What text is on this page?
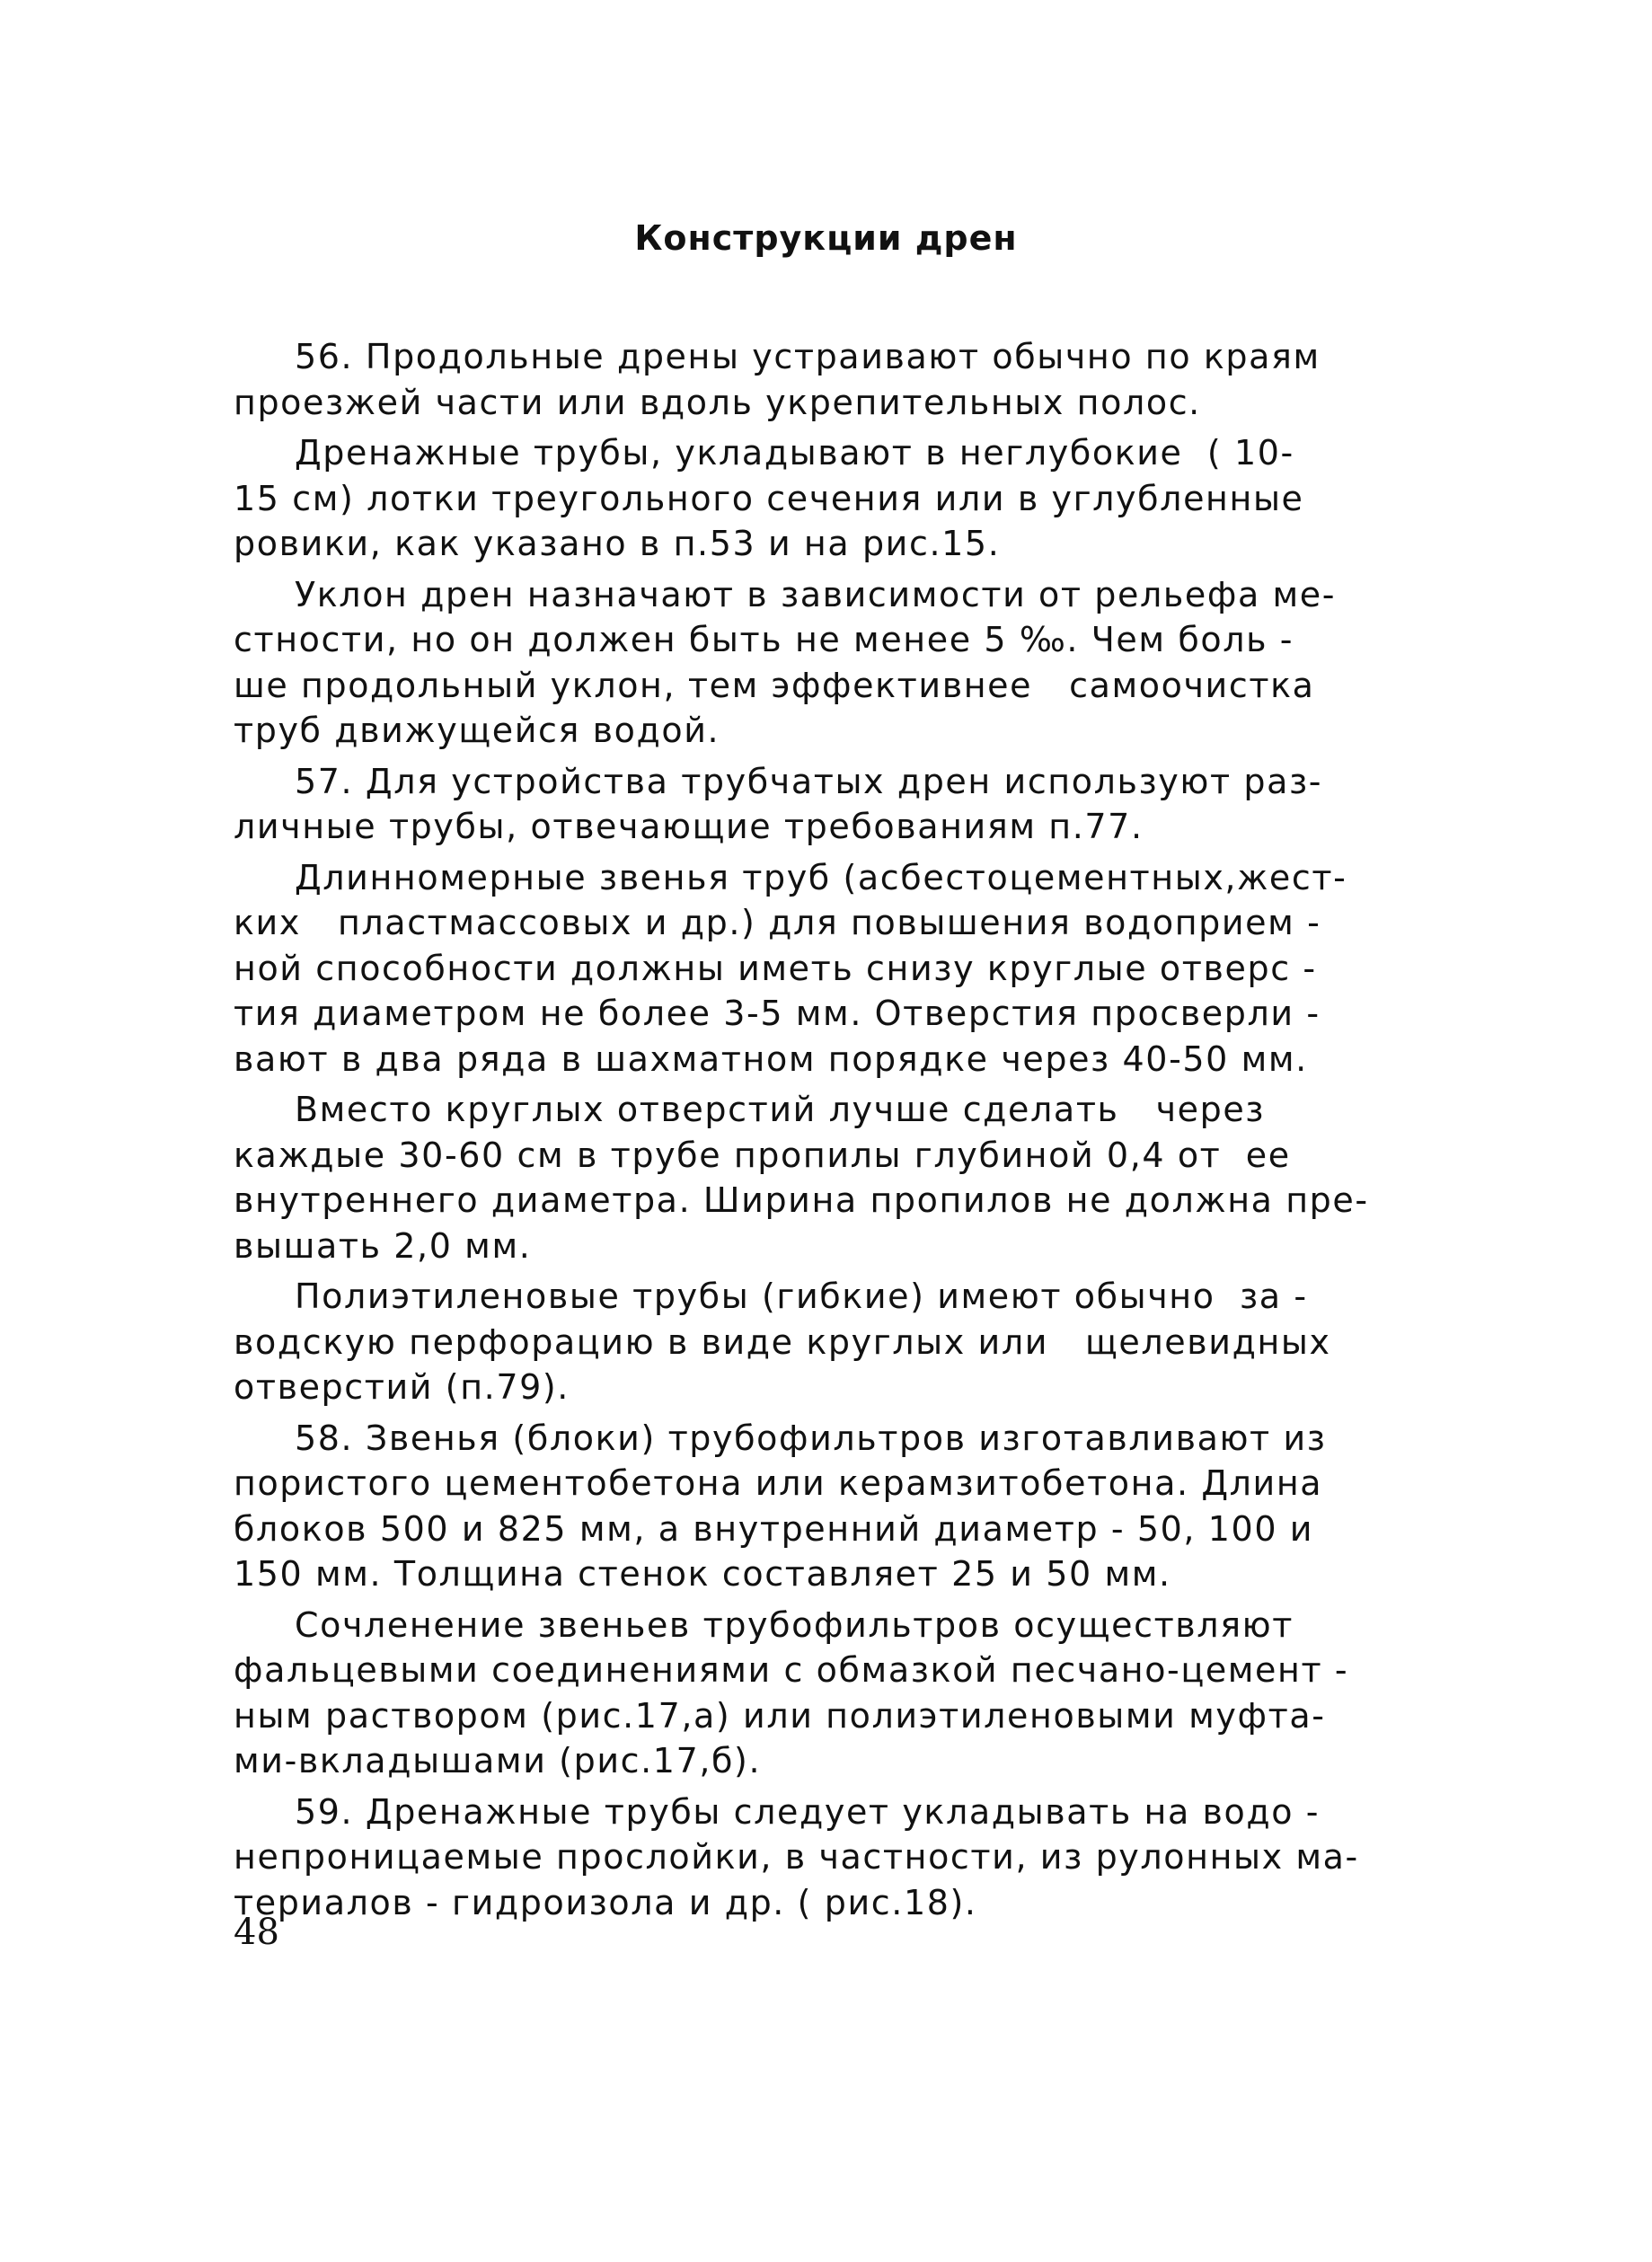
Конструкции дрен
56. Продольные дрены устраивают обычно по краям
проезжей части или вдоль укрепительных полос.
Дренажные трубы, укладывают в неглубокие  ( 10-
15 см) лотки треугольного сечения или в углубленные
ровики, как указано в п.53 и на рис.15.
Уклон дрен назначают в зависимости от рельефа ме-
стности, но он должен быть не менее 5 ‰. Чем боль -
ше продольный уклон, тем эффективнее   самоочистка
труб движущейся водой.
57. Для устройства трубчатых дрен используют раз-
личные трубы, отвечающие требованиям п.77.
Длинномерные звенья труб (асбестоцементных,жест-
ких   пластмассовых и др.) для повышения водоприем -
ной способности должны иметь снизу круглые отверс -
тия диаметром не более 3-5 мм. Отверстия просверли -
вают в два ряда в шахматном порядке через 40-50 мм.
Вместо круглых отверстий лучше сделать   через
каждые 30-60 см в трубе пропилы глубиной 0,4 от  ее
внутреннего диаметра. Ширина пропилов не должна пре-
вышать 2,0 мм.
Полиэтиленовые трубы (гибкие) имеют обычно  за -
водскую перфорацию в виде круглых или   щелевидных
отверстий (п.79).
58. Звенья (блоки) трубофильтров изготавливают из
пористого цементобетона или керамзитобетона. Длина
блоков 500 и 825 мм, а внутренний диаметр - 50, 100 и
150 мм. Толщина стенок составляет 25 и 50 мм.
Сочленение звеньев трубофильтров осуществляют
фальцевыми соединениями с обмазкой песчано-цемент -
ным раствором (рис.17,а) или полиэтиленовыми муфта-
ми-вкладышами (рис.17,б).
59. Дренажные трубы следует укладывать на водо -
непроницаемые прослойки, в частности, из рулонных ма-
териалов - гидроизола и др. ( рис.18).
48
